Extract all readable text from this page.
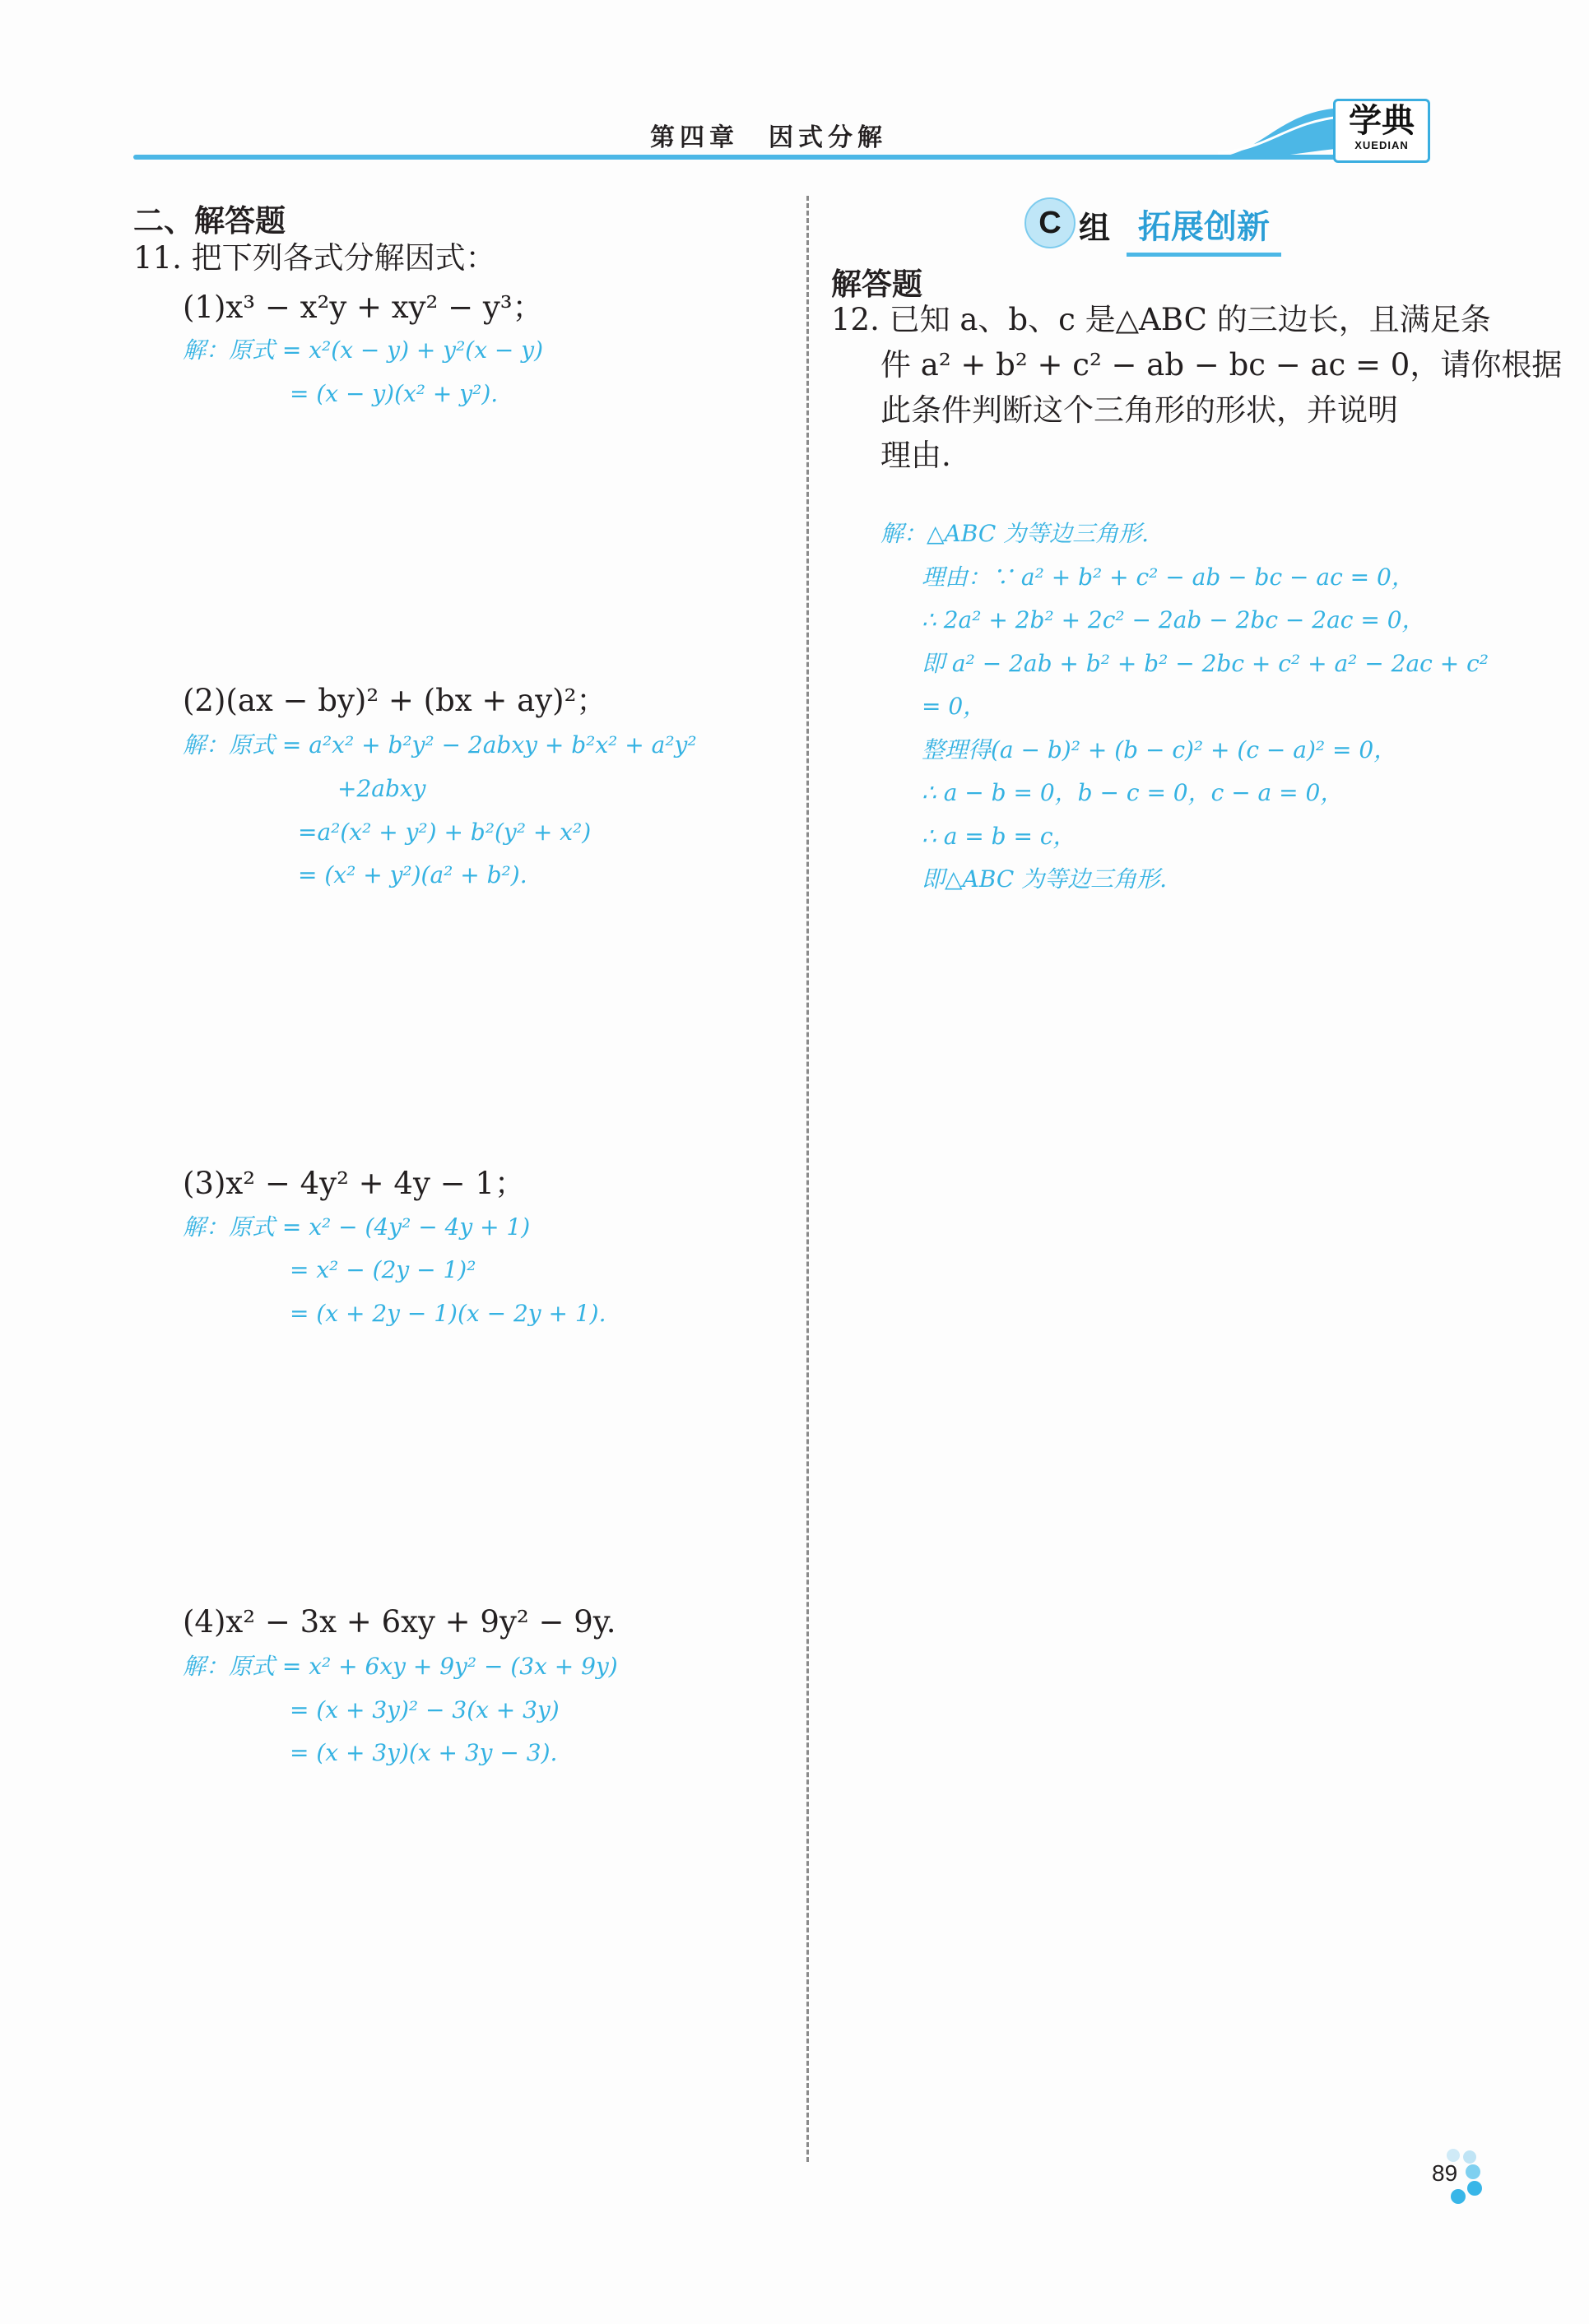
第四章　因式分解	学典
XUEDIAN
二、解答题
11. 把下列各式分解因式：
(1)x³ − x²y + xy² − y³；
解：原式 = x²(x − y) + y²(x − y)
= (x − y)(x² + y²).
(2)(ax − by)² + (bx + ay)²；
解：原式 = a²x² + b²y² − 2abxy + b²x² + a²y²
+2abxy
=a²(x² + y²) + b²(y² + x²)
= (x² + y²)(a² + b²).
(3)x² − 4y² + 4y − 1；
解：原式 = x² − (4y² − 4y + 1)
= x² − (2y − 1)²
= (x + 2y − 1)(x − 2y + 1).
(4)x² − 3x + 6xy + 9y² − 9y.
解：原式 = x² + 6xy + 9y² − (3x + 9y)
= (x + 3y)² − 3(x + 3y)
= (x + 3y)(x + 3y − 3).
C 组 拓展创新
解答题
12. 已知 a、b、c 是△ABC 的三边长，且满足条
件 a² + b² + c² − ab − bc − ac = 0，请你根据
此条件判断这个三角形的形状，并说明
理由.
解：△ABC 为等边三角形.
理由：∵ a² + b² + c² − ab − bc − ac = 0，
∴ 2a² + 2b² + 2c² − 2ab − 2bc − 2ac = 0，
即 a² − 2ab + b² + b² − 2bc + c² + a² − 2ac + c²
= 0，
整理得(a − b)² + (b − c)² + (c − a)² = 0，
∴ a − b = 0，b − c = 0，c − a = 0，
∴ a = b = c，
即△ABC 为等边三角形.
89
